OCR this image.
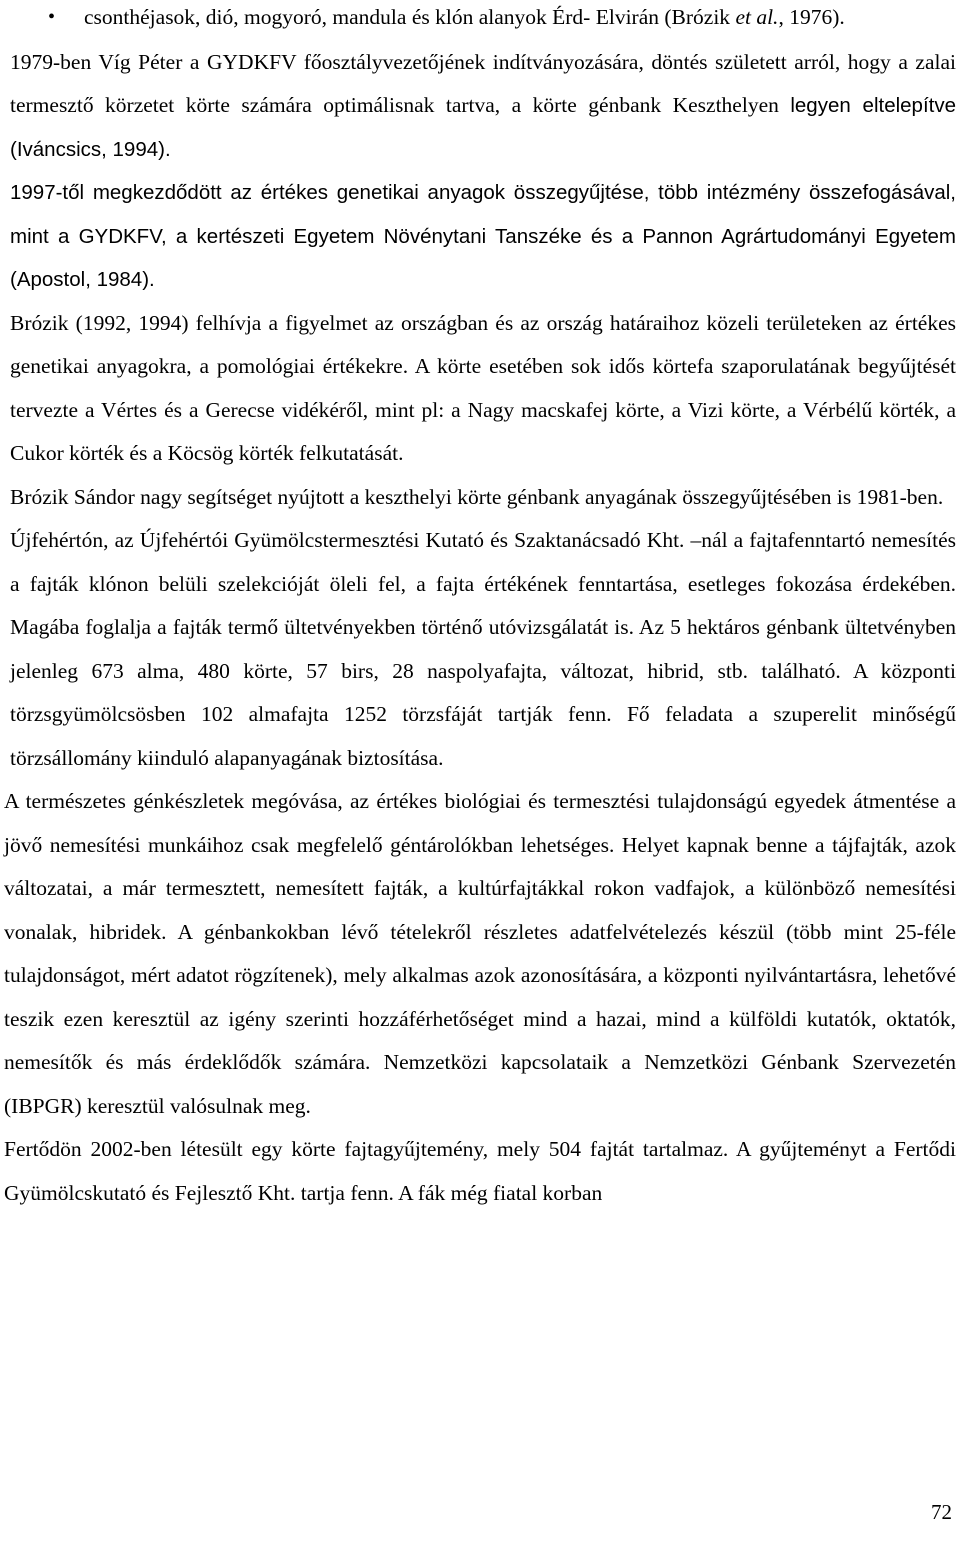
• csonthéjasok, dió, mogyoró, mandula és klón alanyok Érd- Elvirán (Brózik et al., 1976).

1979-ben Víg Péter a GYDKFV főosztályvezetőjének indítványozására, döntés született arról, hogy a zalai termesztő körzetet körte számára optimálisnak tartva, a körte génbank Keszthelyen legyen eltelepítve (Iváncsics, 1994).

1997-től megkezdődött az értékes genetikai anyagok összegyűjtése, több intézmény összefogásával, mint a GYDKFV, a kertészeti Egyetem Növénytani Tanszéke és a Pannon Agrártudományi Egyetem (Apostol, 1984).

Brózik (1992, 1994) felhívja a figyelmet az országban és az ország határaihoz közeli területeken az értékes genetikai anyagokra, a pomológiai értékekre. A körte esetében sok idős körtefa szaporulatának begyűjtését tervezte a Vértes és a Gerecse vidékéről, mint pl: a Nagy macskafej körte, a Vizi körte, a Vérbélű körték, a Cukor körték és a Köcsög körték felkutatását.

Brózik Sándor nagy segítséget nyújtott a keszthelyi körte génbank anyagának összegyűjtésében is 1981-ben.

Újfehértón, az Újfehértói Gyümölcstermesztési Kutató és Szaktanácsadó Kht. –nál a fajtafenntartó nemesítés a fajták klónon belüli szelekcióját öleli fel, a fajta értékének fenntartása, esetleges fokozása érdekében. Magába foglalja a fajták termő ültetvényekben történő utóvizsgálatát is. Az 5 hektáros génbank ültetvényben jelenleg 673 alma, 480 körte, 57 birs, 28 naspolyafajta, változat, hibrid, stb. található. A központi törzsgyümölcsösben 102 almafajta 1252 törzsfáját tartják fenn. Fő feladata a szuperelit minőségű törzsállomány kiinduló alapanyagának biztosítása.

A természetes génkészletek megóvása, az értékes biológiai és termesztési tulajdonságú egyedek átmentése a jövő nemesítési munkáihoz csak megfelelő géntárolókban lehetséges. Helyet kapnak benne a tájfajták, azok változatai, a már termesztett, nemesített fajták, a kultúrfajtákkal rokon vadfajok, a különböző nemesítési vonalak, hibridek. A génbankokban lévő tételekről részletes adatfelvételezés készül (több mint 25-féle tulajdonságot, mért adatot rögzítenek), mely alkalmas azok azonosítására, a központi nyilvántartásra, lehetővé teszik ezen keresztül az igény szerinti hozzáférhetőséget mind a hazai, mind a külföldi kutatók, oktatók, nemesítők és más érdeklődők számára. Nemzetközi kapcsolataik a Nemzetközi Génbank Szervezetén (IBPGR) keresztül valósulnak meg.

Fertődön 2002-ben létesült egy körte fajtagyűjtemény, mely 504 fajtát tartalmaz. A gyűjteményt a Fertődi Gyümölcskutató és Fejlesztő Kht. tartja fenn. A fák még fiatal korban

72
